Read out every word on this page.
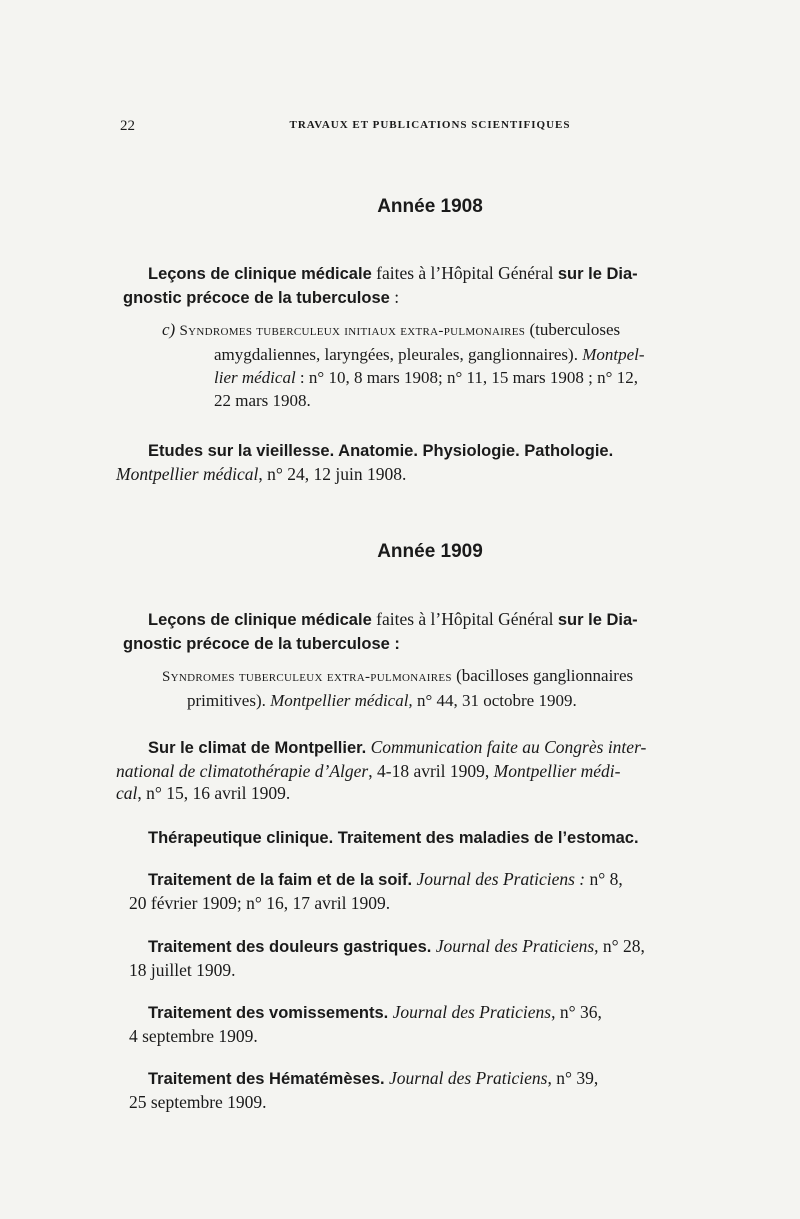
22	TRAVAUX ET PUBLICATIONS SCIENTIFIQUES
Année 1908
Leçons de clinique médicale faites à l’Hôpital Général sur le Dia-
gnostic précoce de la tuberculose :
c) Syndromes tuberculeux initiaux extra-pulmonaires (tuberculoses
amygdaliennes, laryngées, pleurales, ganglionnaires). Montpel-
lier médical : n° 10, 8 mars 1908; n° 11, 15 mars 1908 ; n° 12,
22 mars 1908.
Etudes sur la vieillesse. Anatomie. Physiologie. Pathologie.
Montpellier médical, n° 24, 12 juin 1908.
Année 1909
Leçons de clinique médicale faites à l’Hôpital Général sur le Dia-
gnostic précoce de la tuberculose :
Syndromes tuberculeux extra-pulmonaires (bacilloses ganglionnaires
primitives). Montpellier médical, n° 44, 31 octobre 1909.
Sur le climat de Montpellier. Communication faite au Congrès inter-
national de climatothérapie d’Alger, 4-18 avril 1909, Montpellier médi-
cal, n° 15, 16 avril 1909.
Thérapeutique clinique. Traitement des maladies de l’estomac.
Traitement de la faim et de la soif. Journal des Praticiens : n° 8,
20 février 1909; n° 16, 17 avril 1909.
Traitement des douleurs gastriques. Journal des Praticiens, n° 28,
18 juillet 1909.
Traitement des vomissements. Journal des Praticiens, n° 36,
4 septembre 1909.
Traitement des Hématémèses. Journal des Praticiens, n° 39,
25 septembre 1909.
